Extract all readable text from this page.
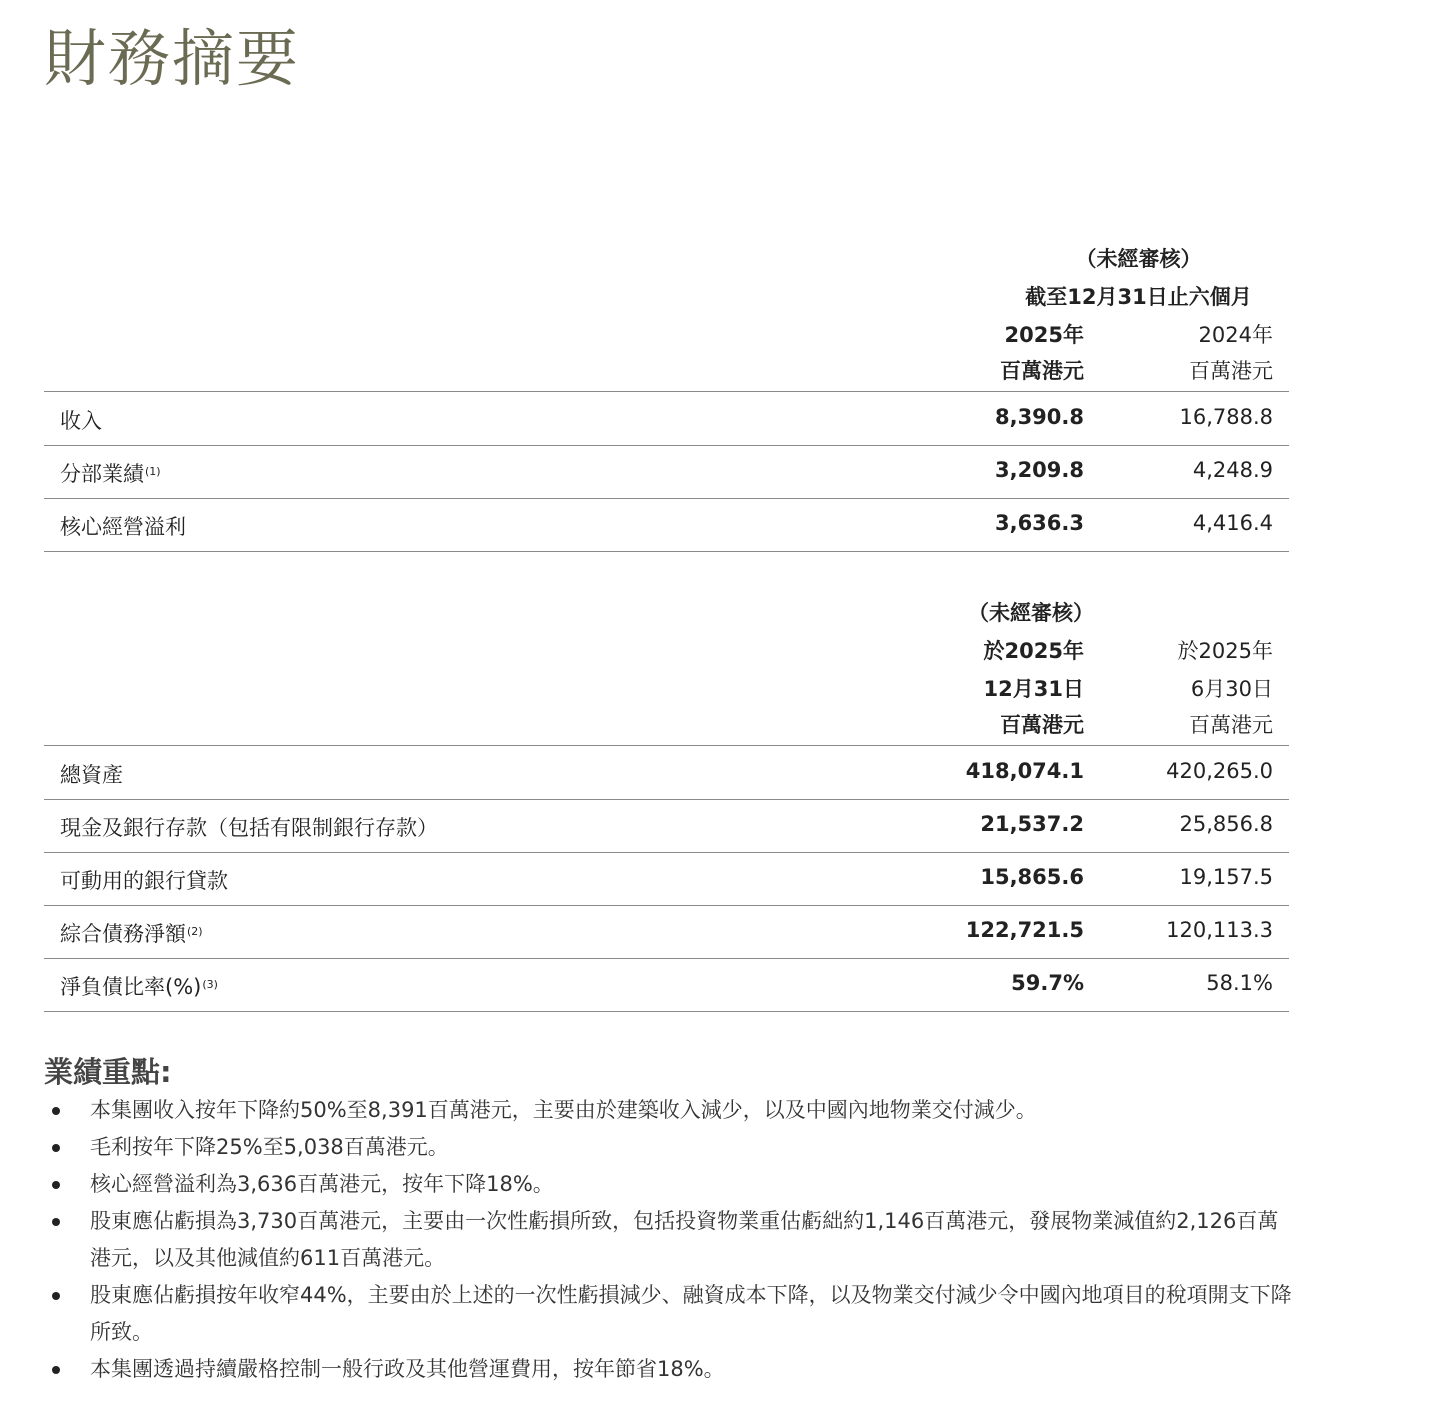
財務摘要
（未經審核）
截至12月31日止六個月
2025年	2024年
百萬港元	百萬港元
收入	8,390.8	16,788.8
分部業績$^{(1)}$	3,209.8	4,248.9
核心經營溢利	3,636.3	4,416.4
（未經審核）
於2025年	於2025年
12月31日	6月30日
百萬港元	百萬港元
總資產	418,074.1	420,265.0
現金及銀行存款（包括有限制銀行存款）	21,537.2	25,856.8
可動用的銀行貸款	15,865.6	19,157.5
綜合債務淨額$^{(2)}$	122,721.5	120,113.3
淨負債比率(%)$^{(3)}$	59.7%	58.1%
業績重點:
本集團收入按年下降約50%至8,391百萬港元，主要由於建築收入減少，以及中國內地物業交付減少。
毛利按年下降25%至5,038百萬港元。
核心經營溢利為3,636百萬港元，按年下降18%。
股東應佔虧損為3,730百萬港元，主要由一次性虧損所致，包括投資物業重估虧絀約1,146百萬港元，發展物業減值約2,126百萬港元，以及其他減值約611百萬港元。
股東應佔虧損按年收窄44%，主要由於上述的一次性虧損減少、融資成本下降，以及物業交付減少令中國內地項目的稅項開支下降所致。
本集團透過持續嚴格控制一般行政及其他營運費用，按年節省18%。
